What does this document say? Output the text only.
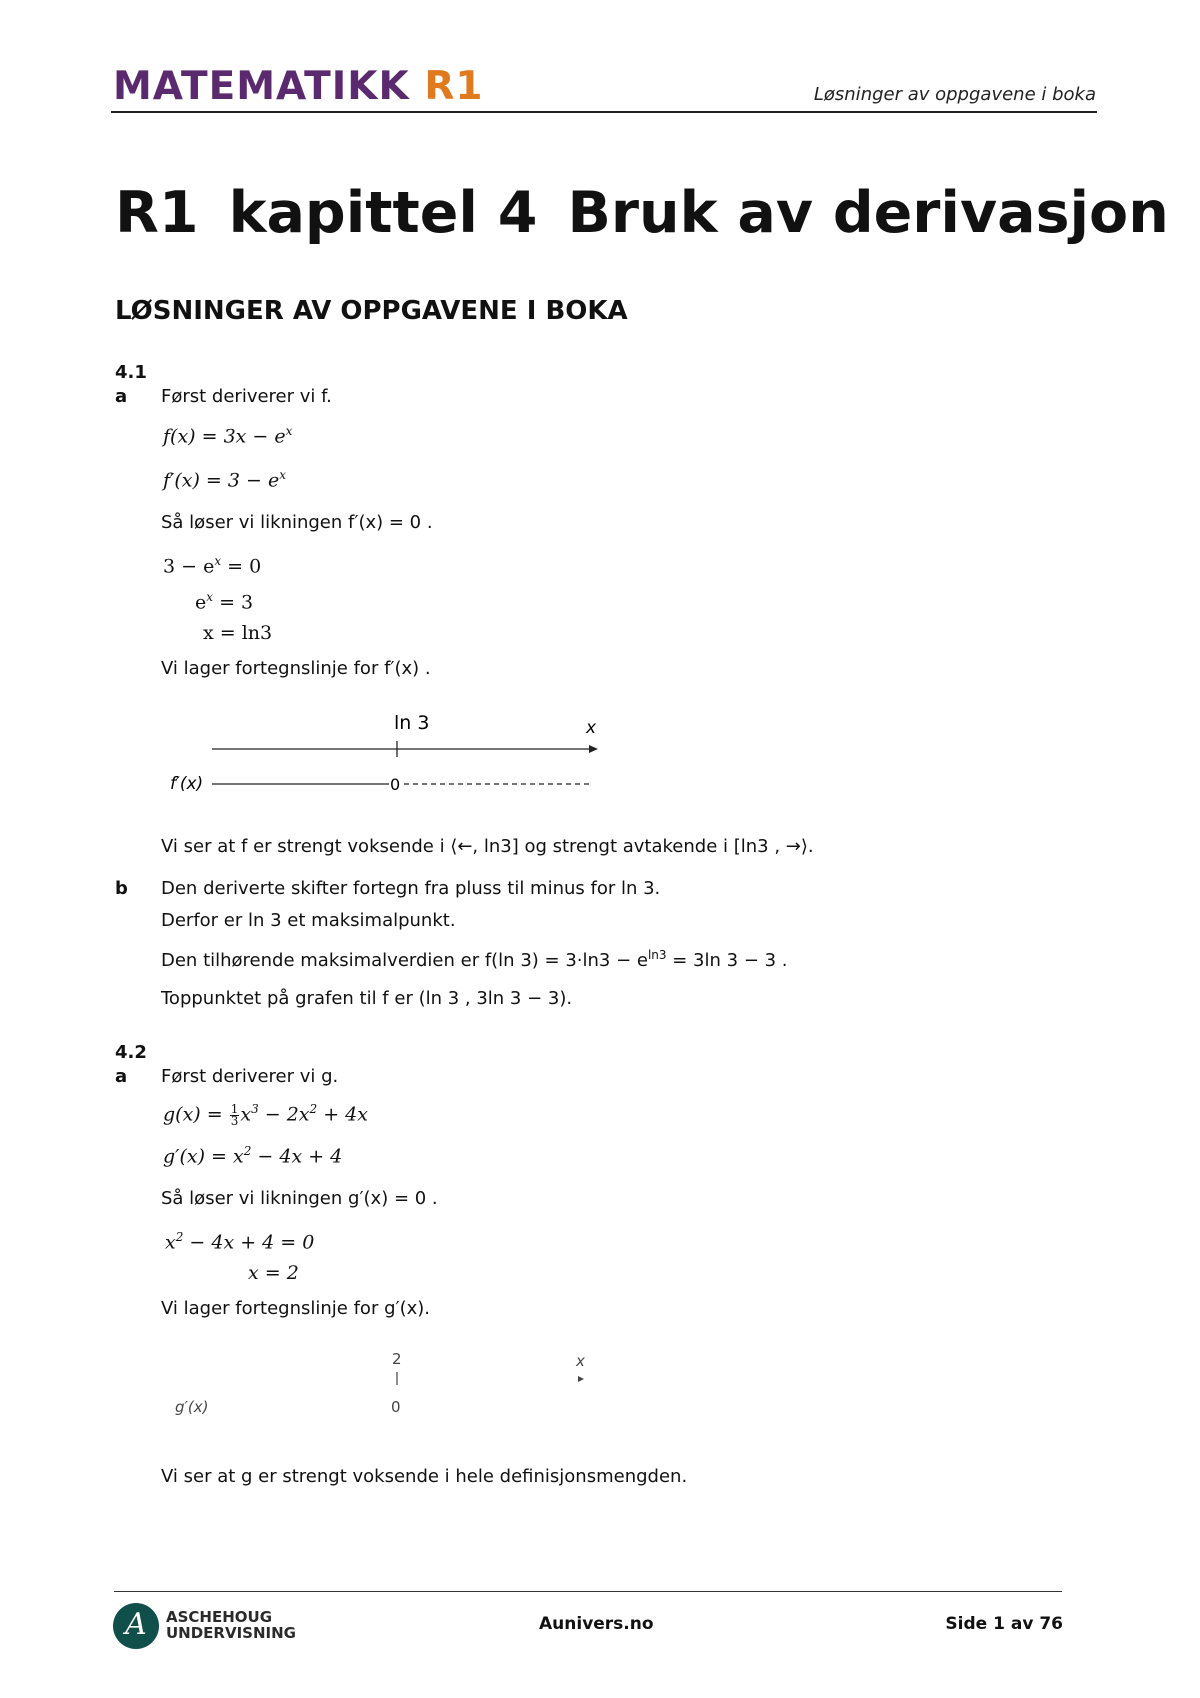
MATEMATIKK R1	Løsninger av oppgavene i boka
R1 kapittel 4 Bruk av derivasjon
LØSNINGER AV OPPGAVENE I BOKA
4.1
a Først deriverer vi f.
$f(x) = 3x - e^x$
$f'(x) = 3 - e^x$
Så løser vi likningen f′(x) = 0 .
$3 - e^x = 0$
$e^x = 3$
x = ln3
Vi lager fortegnslinje for f′(x) .
ln 3	x
f′(x)	0
Vi ser at f er strengt voksende i ⟨←, ln3] og strengt avtakende i [ln3 , →⟩.
b Den deriverte skifter fortegn fra pluss til minus for ln 3.
Derfor er ln 3 et maksimalpunkt.
Den tilhørende maksimalverdien er f(ln $3) = 3\cdot\ln 3 - e^{ln3} = 3\ln$ 3 − 3 .
Toppunktet på grafen til f er (ln 3 , 3ln 3 − 3).
4.2
a Først deriverer vi g.
$g(x) = \frac{1}{3}x^3 - 2x^2 + 4x$
$g'(x) = x^2 - 4x + 4$
Så løser vi likningen g′(x) = 0 .
$x^2 - 4x + 4 = 0$
x = 2
Vi lager fortegnslinje for g′(x).
2	x
g′(x)	0
Vi ser at g er strengt voksende i hele definisjonsmengden.
A	ASCHEHOUG
UNDERVISNING	Aunivers.no	Side 1 av 76
